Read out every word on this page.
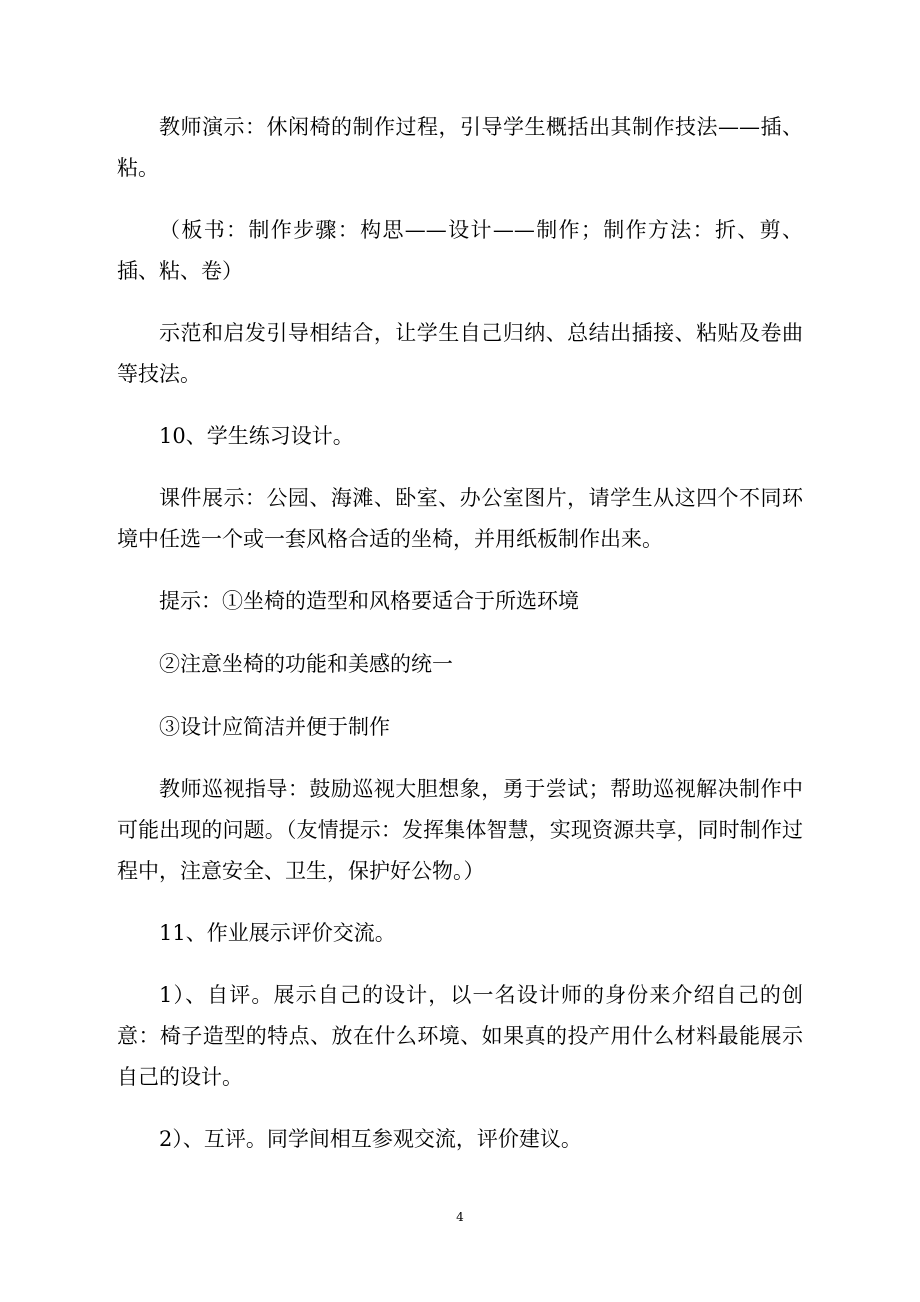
教师演示：休闲椅的制作过程，引导学生概括出其制作技法——插、粘。

（板书：制作步骤：构思——设计——制作；制作方法：折、剪、插、粘、卷）

示范和启发引导相结合，让学生自己归纳、总结出插接、粘贴及卷曲等技法。

10、学生练习设计。

课件展示：公园、海滩、卧室、办公室图片，请学生从这四个不同环境中任选一个或一套风格合适的坐椅，并用纸板制作出来。

提示：①坐椅的造型和风格要适合于所选环境

②注意坐椅的功能和美感的统一

③设计应简洁并便于制作

教师巡视指导：鼓励巡视大胆想象，勇于尝试；帮助巡视解决制作中可能出现的问题。（友情提示：发挥集体智慧，实现资源共享，同时制作过程中，注意安全、卫生，保护好公物。）

11、作业展示评价交流。

1）、自评。展示自己的设计，以一名设计师的身份来介绍自己的创意：椅子造型的特点、放在什么环境、如果真的投产用什么材料最能展示自己的设计。

2）、互评。同学间相互参观交流，评价建议。

4
